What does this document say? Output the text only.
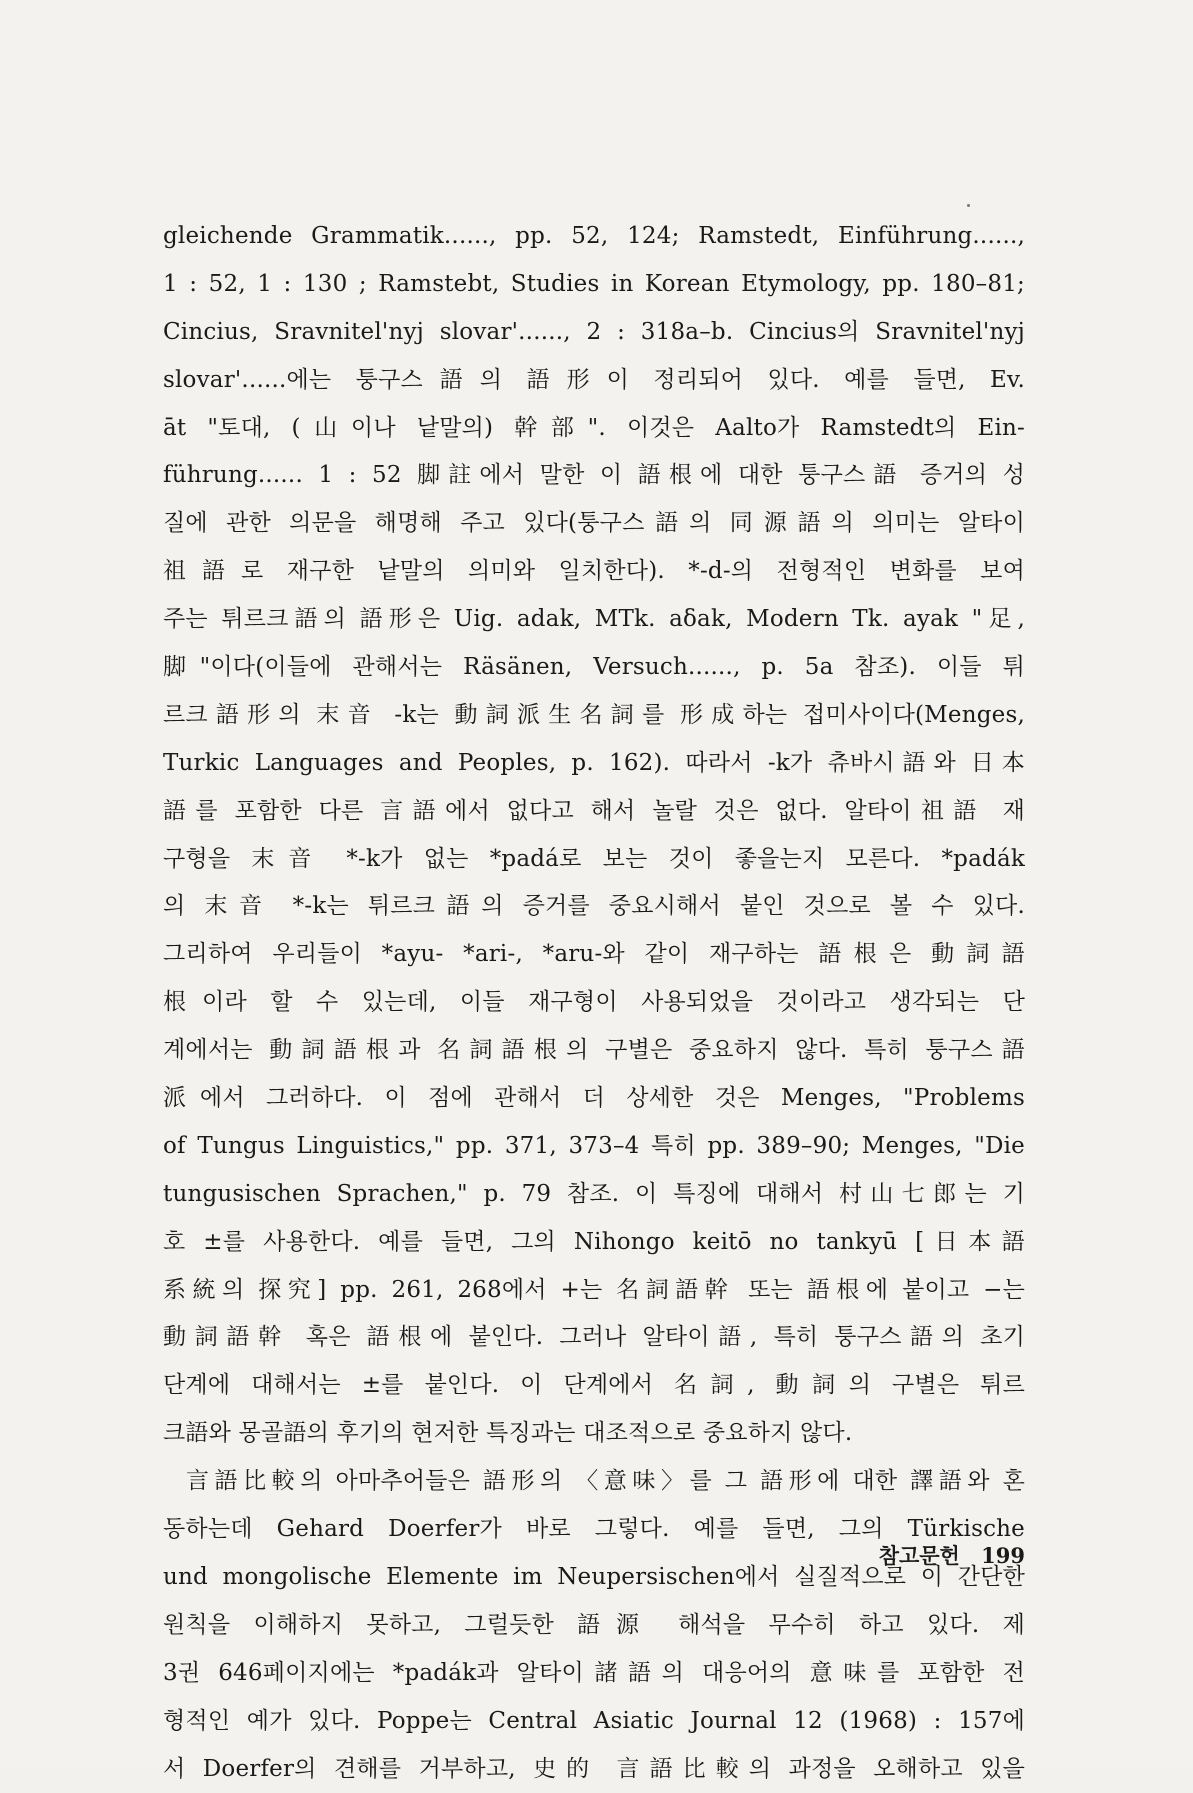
gleichende Grammatik......, pp. 52, 124; Ramstedt, Einführung......,
1 : 52, 1 : 130 ; Ramstebt, Studies in Korean Etymology, pp. 180–81;
Cincius, Sravnitel'nyj slovar'......, 2 : 318a–b. Cincius의 Sravnitel'nyj
slovar'......에는 퉁구스語의 語形이 정리되어 있다. 예를 들면, Ev.
āt "토대, (山이나 낱말의) 幹部". 이것은 Aalto가 Ramstedt의 Ein-
führung...... 1 : 52 脚註에서 말한 이 語根에 대한 퉁구스語 증거의 성
질에 관한 의문을 해명해 주고 있다(퉁구스語의 同源語의 의미는 알타이
祖語로 재구한 낱말의 의미와 일치한다). *-d-의 전형적인 변화를 보여
주는 튀르크語의 語形은 Uig. adak, MTk. aδak, Modern Tk. ayak "足,
脚"이다(이들에 관해서는 Räsänen, Versuch......, p. 5a 참조). 이들 튀
르크語形의 末音 -k는 動詞派生名詞를 形成하는 접미사이다(Menges,
Turkic Languages and Peoples, p. 162). 따라서 -k가 츄바시語와 日本
語를 포함한 다른 言語에서 없다고 해서 놀랄 것은 없다. 알타이祖語 재
구형을 末音 *-k가 없는 *padá로 보는 것이 좋을는지 모른다. *padák
의 末音 *-k는 튀르크語의 증거를 중요시해서 붙인 것으로 볼 수 있다.
그리하여 우리들이 *ayu- *ari-, *aru-와 같이 재구하는 語根은 動詞語
根이라 할 수 있는데, 이들 재구형이 사용되었을 것이라고 생각되는 단
계에서는 動詞語根과 名詞語根의 구별은 중요하지 않다. 특히 퉁구스語
派에서 그러하다. 이 점에 관해서 더 상세한 것은 Menges, "Problems
of Tungus Linguistics," pp. 371, 373–4 특히 pp. 389–90; Menges, "Die
tungusischen Sprachen," p. 79 참조. 이 특징에 대해서 村山七郎는 기
호 ±를 사용한다. 예를 들면, 그의 Nihongo keitō no tankyū [日本語
系統의 探究] pp. 261, 268에서 +는 名詞語幹 또는 語根에 붙이고 −는
動詞語幹 혹은 語根에 붙인다. 그러나 알타이語, 특히 퉁구스語의 초기
단계에 대해서는 ±를 붙인다. 이 단계에서 名詞, 動詞의 구별은 튀르
크語와 몽골語의 후기의 현저한 특징과는 대조적으로 중요하지 않다.
言語比較의 아마추어들은 語形의 〈意味〉를 그 語形에 대한 譯語와 혼
동하는데 Gehard Doerfer가 바로 그렇다. 예를 들면, 그의 Türkische
und mongolische Elemente im Neupersischen에서 실질적으로 이 간단한
원칙을 이해하지 못하고, 그럴듯한 語源 해석을 무수히 하고 있다. 제
3권 646페이지에는 *padák과 알타이諸語의 대응어의 意味를 포함한 전
형적인 예가 있다. Poppe는 Central Asiatic Journal 12 (1968) : 157에
서 Doerfer의 견해를 거부하고, 史的 言語比較의 과정을 오해하고 있을
참고문헌 199
